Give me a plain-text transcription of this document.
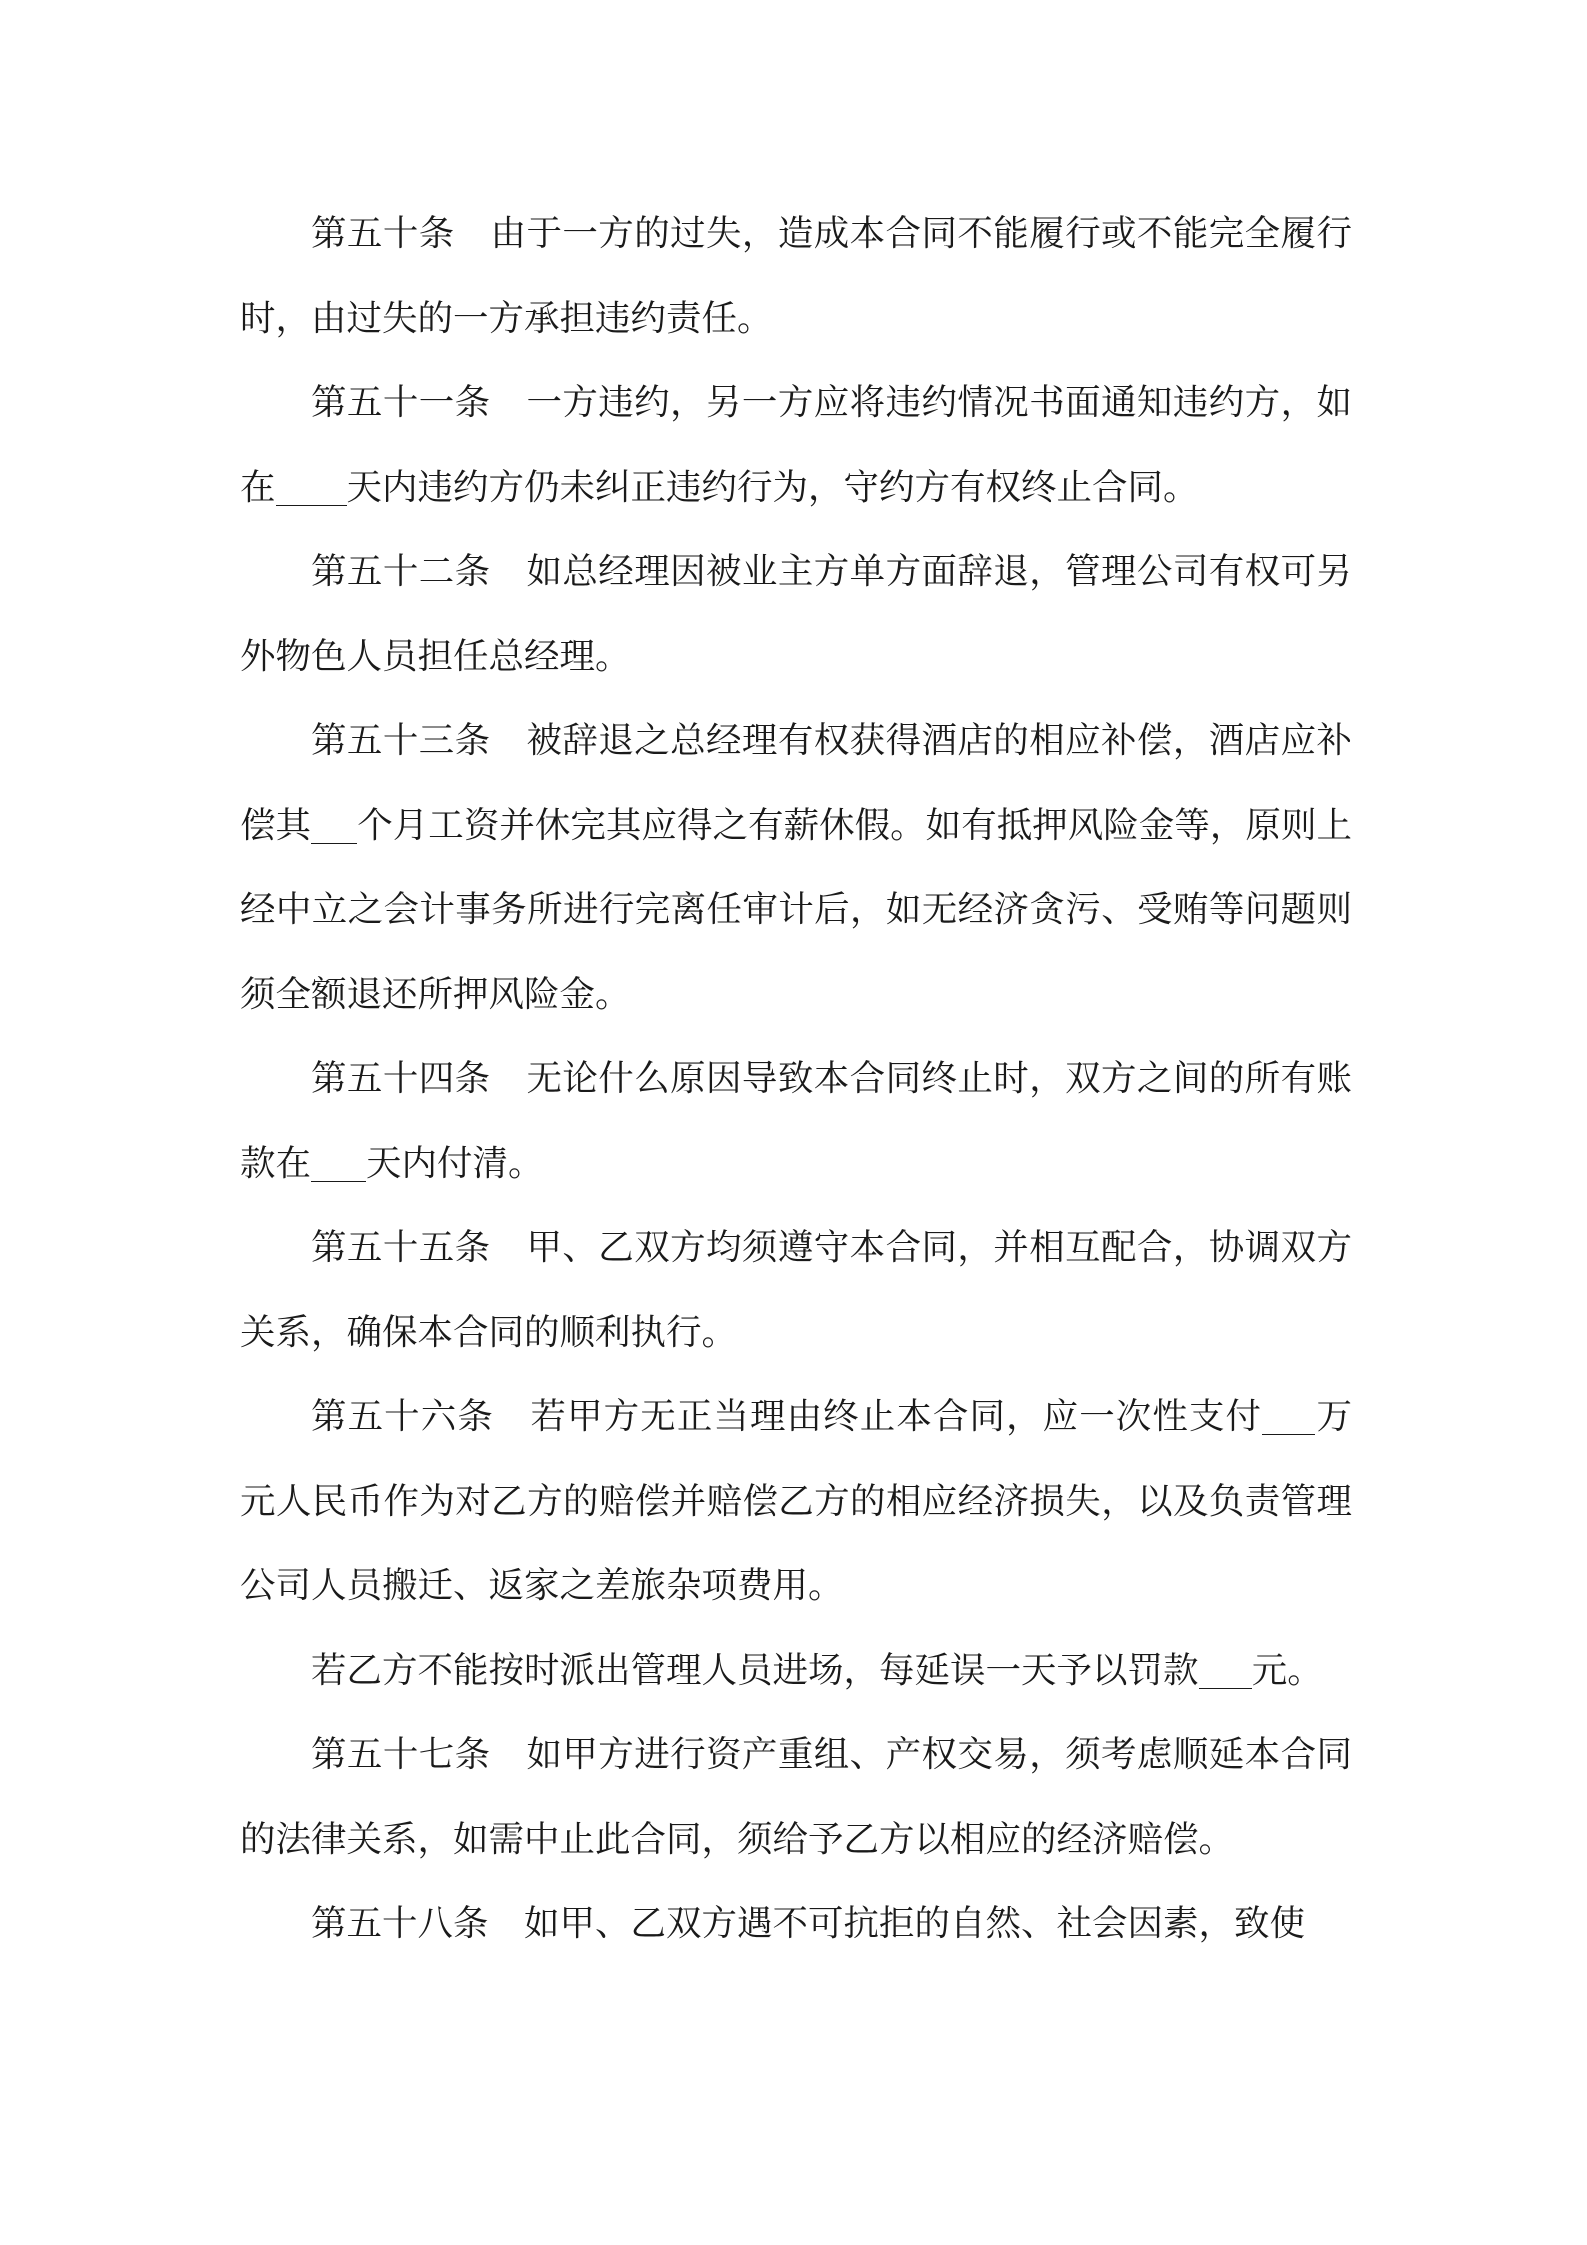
第五十条 由于一方的过失，造成本合同不能履行或不能完全履行时，由过失的一方承担违约责任。

第五十一条 一方违约，另一方应将违约情况书面通知违约方，如在 天内违约方仍未纠正违约行为，守约方有权终止合同。

第五十二条 如总经理因被业主方单方面辞退，管理公司有权可另外物色人员担任总经理。

第五十三条 被辞退之总经理有权获得酒店的相应补偿，酒店应补偿其 个月工资并休完其应得之有薪休假。如有抵押风险金等，原则上经中立之会计事务所进行完离任审计后，如无经济贪污、受贿等问题则须全额退还所押风险金。

第五十四条 无论什么原因导致本合同终止时，双方之间的所有账款在 天内付清。

第五十五条 甲、乙双方均须遵守本合同，并相互配合，协调双方关系，确保本合同的顺利执行。

第五十六条 若甲方无正当理由终止本合同，应一次性支付 万元人民币作为对乙方的赔偿并赔偿乙方的相应经济损失，以及负责管理公司人员搬迁、返家之差旅杂项费用。

若乙方不能按时派出管理人员进场，每延误一天予以罚款 元。

第五十七条 如甲方进行资产重组、产权交易，须考虑顺延本合同的法律关系，如需中止此合同，须给予乙方以相应的经济赔偿。

第五十八条 如甲、乙双方遇不可抗拒的自然、社会因素，致使
